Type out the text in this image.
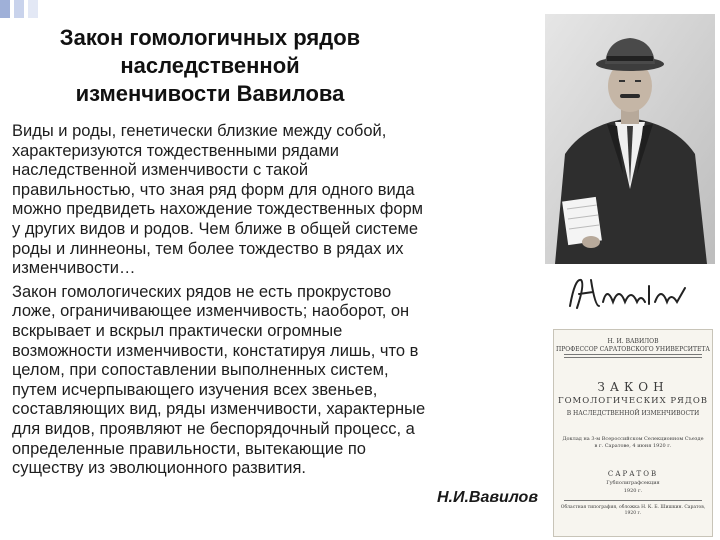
Закон гомологичных рядов
наследственной
изменчивости Вавилова

Виды и роды, генетически близкие между собой,
характеризуются тождественными рядами
наследственной изменчивости с такой
правильностью, что зная ряд форм для одного вида
можно предвидеть нахождение тождественных форм
у других видов и родов. Чем ближе в общей системе
роды и линнеоны, тем более тождество в рядах их
изменчивости…

Закон гомологических рядов не есть прокрустово
ложе, ограничивающее изменчивость; наоборот, он
вскрывает и вскрыл практически огромные
возможности изменчивости, констатируя лишь, что в
целом, при сопоставлении выполненных систем,
путем исчерпывающего изучения всех звеньев,
составляющих вид, ряды изменчивости, характерные
для видов, проявляют не беспорядочный процесс, а
определенные правильности, вытекающие по
существу из эволюционного развития.

Н.И.Вавилов
Н. И. ВАВИЛОВ
ПРОФЕССОР САРАТОВСКОГО УНИВЕРСИТЕТА
ЗАКОН
ГОМОЛОГИЧЕСКИХ РЯДОВ
В НАСЛЕДСТВЕННОЙ ИЗМЕНЧИВОСТИ
Доклад на 3-м Всероссийском Селекционном Съезде в г. Саратове, 4 июня 1920 г.
САРАТОВ
Губполиграфсекция
1920 г.
Областная типография, обложка Н. К. Б. Шишкин. Саратов, 1920 г.
